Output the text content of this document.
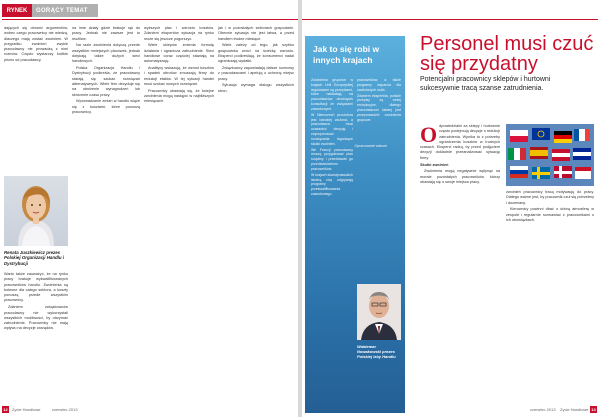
RYNEK	GORĄCY TEMAT

dających się obronić argumentów, wobec czego pracownicy nie wiedzą, dlaczego mają zostać zwolnieni. W przypadku zwolnień zwykle pracodawcy nie prowadzą z nimi rozmów. Często wystarczy krótkie pismo od pracodawcy.

Renata Juszkiewicz prezes Polskiej Organizacji Handlu i Dystrybucji

Warto także zauważyć, że na rynku pracy brakuje wykwalifikowanych pracowników handlu. Zwolnienia są bolesne dla całego sektora, a koszty ponoszą przede wszystkim pracownicy.

Zdaniem związkowców pracodawcy nie wykorzystali wszystkich możliwości, by utrzymać zatrudnienie. Pracownicy nie mają wpływu na decyzje zarządów.

na inne działy gdzie brakuje rąk do pracy. Jednak nie zawsze jest to możliwe.

Na razie zwolnienia dotyczą przede wszystkim mniejszych placówek, jednak dotykają także dużych sieci handlowych.

Polska Organizacja Handlu i Dystrybucji podkreśla, że pracodawcy starają się szukać rozwiązań alternatywnych. Wiele firm decyduje się na obniżenie wynagrodzeń lub skrócenie czasu pracy.

Wprowadzanie zmian w handlu wiąże się z kosztami, które ponoszą pracownicy.

wyższych płac i wzrostu kosztów. Zdaniem ekspertów sytuacja na rynku może się jeszcze pogorszyć.

Wiele sklepów zmienia formułę działania i ogranicza zatrudnienie. Sieci handlowe coraz częściej stawiają na automatyzację.

Analitycy wskazują, że wzrost kosztów i spadek obrotów zmuszają firmy do redukcji etatów. W tej sytuacji handel musi szukać nowych rozwiązań.

Pracownicy obawiają się, że kolejne zwolnienia mogą nastąpić w najbliższych miesiącach.

jak i w pozostałych sektorach gospodarki. Obecnie sytuacja nie jest łatwa, a przed handlem trudne miesiące.

Wiele zależy od tego, jak szybko gospodarka wróci na ścieżkę wzrostu. Eksperci podkreślają, że konsumenci nadal ograniczają wydatki.

Związkowcy zapowiadają dalsze rozmowy z pracodawcami i apelują o ochronę miejsc pracy.

Sytuacja wymaga dialogu wszystkich stron.

12	Życie Handlowe	czerwiec 2013
Jak to się robi w innych krajach

Zwolnienia grupowe w krajach Unii Europejskiej regulowane są przepisami, które nakładają na pracodawców obowiązek konsultacji ze związkami zawodowymi.

W Niemczech procedura jest bardziej złożona, a pracodawca musi uzasadnić decyzję i zaproponować rozwiązania łagodzące skutki zwolnień.

We Francji pracodawcy muszą przygotować plan socjalny i przedstawić go przedstawicielom pracowników.

W krajach skandynawskich istotną rolę odgrywają programy przekwalifikowania zawodowego.

pracowników, a także programy wsparcia dla zwalnianych osób.

Zdaniem ekspertów, polskie przepisy są mniej restrykcyjne, dlatego pracodawcom łatwiej jest przeprowadzić zwolnienia grupowe.

Opracowanie własne
Waldemar Nowakowski prezes Polskiej Izby Handlu
Personel musi czuć się przydatny
Potencjalni pracownicy sklepów i hurtowni sukcesywnie tracą szanse zatrudnienia.
O dpowiedzialni za sklepy i hurtownie często podejmują decyzje o redukcji zatrudnienia. Wynika to z potrzeby ograniczenia kosztów w trudnych czasach. Eksperci radzą, by przed podjęciem decyzji dokładnie przeanalizować sytuację firmy.

Skutki zwolnień

Zwolnienia mogą negatywnie wpłynąć na morale pozostałych pracowników, którzy obawiają się o swoje miejsca pracy.

zwolnień pracownicy tracą motywację do pracy. Dlatego ważne jest, by pracownik czuł się potrzebny i doceniany.

Kierownicy powinni dbać o dobrą atmosferę w zespole i regularnie rozmawiać z pracownikami o ich obowiązkach.

czerwiec 2013 Życie Handlowe 13
